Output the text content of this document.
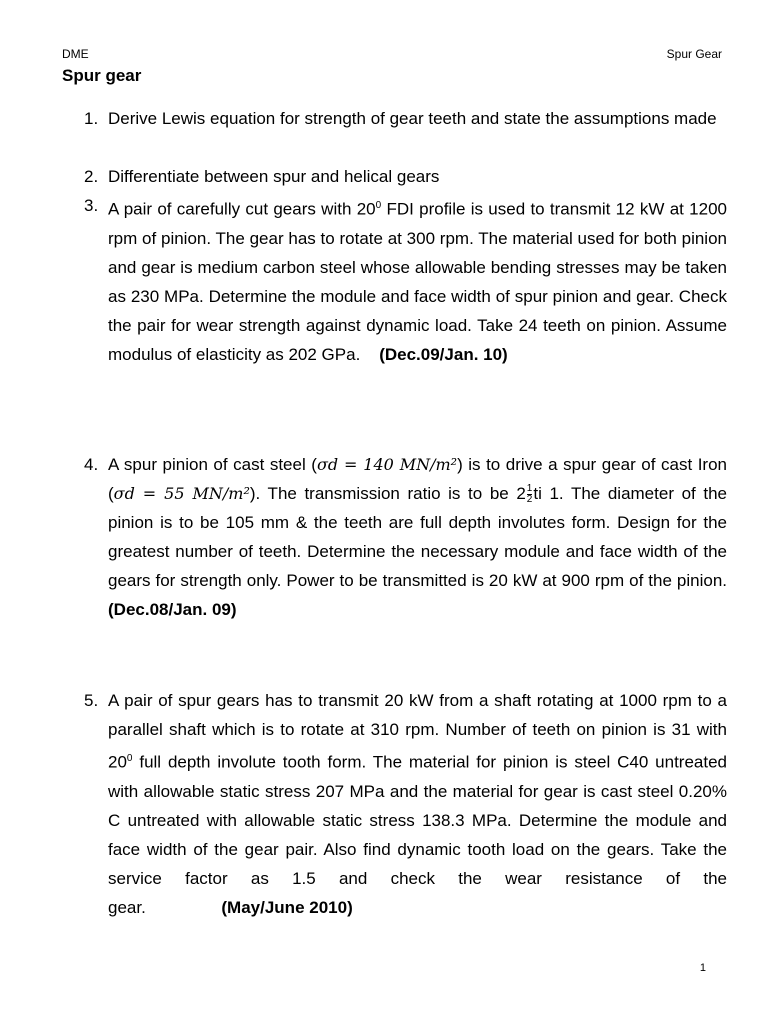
DME	Spur Gear
Spur gear
1. Derive Lewis equation for strength of gear teeth and state the assumptions made
2. Differentiate between spur and helical gears
3. A pair of carefully cut gears with $20^0$ FDI profile is used to transmit 12 kW at 1200 rpm of pinion. The gear has to rotate at 300 rpm. The material used for both pinion and gear is medium carbon steel whose allowable bending stresses may be taken as 230 MPa. Determine the module and face width of spur pinion and gear. Check the pair for wear strength against dynamic load. Take 24 teeth on pinion. Assume modulus of elasticity as 202 GPa. (Dec.09/Jan. 10)
4. A spur pinion of cast steel (σd = 140 MN/m²) is to drive a spur gear of cast Iron (σd = 55 MN/m²). The transmission ratio is to be $2 \frac{1}{2}$ ti 1. The diameter of the pinion is to be 105 mm & the teeth are full depth involutes form. Design for the greatest number of teeth. Determine the necessary module and face width of the gears for strength only. Power to be transmitted is 20 kW at 900 rpm of the pinion. (Dec.08/Jan. 09)
5. A pair of spur gears has to transmit 20 kW from a shaft rotating at 1000 rpm to a parallel shaft which is to rotate at 310 rpm. Number of teeth on pinion is 31 with $20^0$ full depth involute tooth form. The material for pinion is steel C40 untreated with allowable static stress 207 MPa and the material for gear is cast steel 0.20% C untreated with allowable static stress 138.3 MPa. Determine the module and face width of the gear pair. Also find dynamic tooth load on the gears. Take the service factor as 1.5 and check the wear resistance of the gear.	(May/June 2010)
1
